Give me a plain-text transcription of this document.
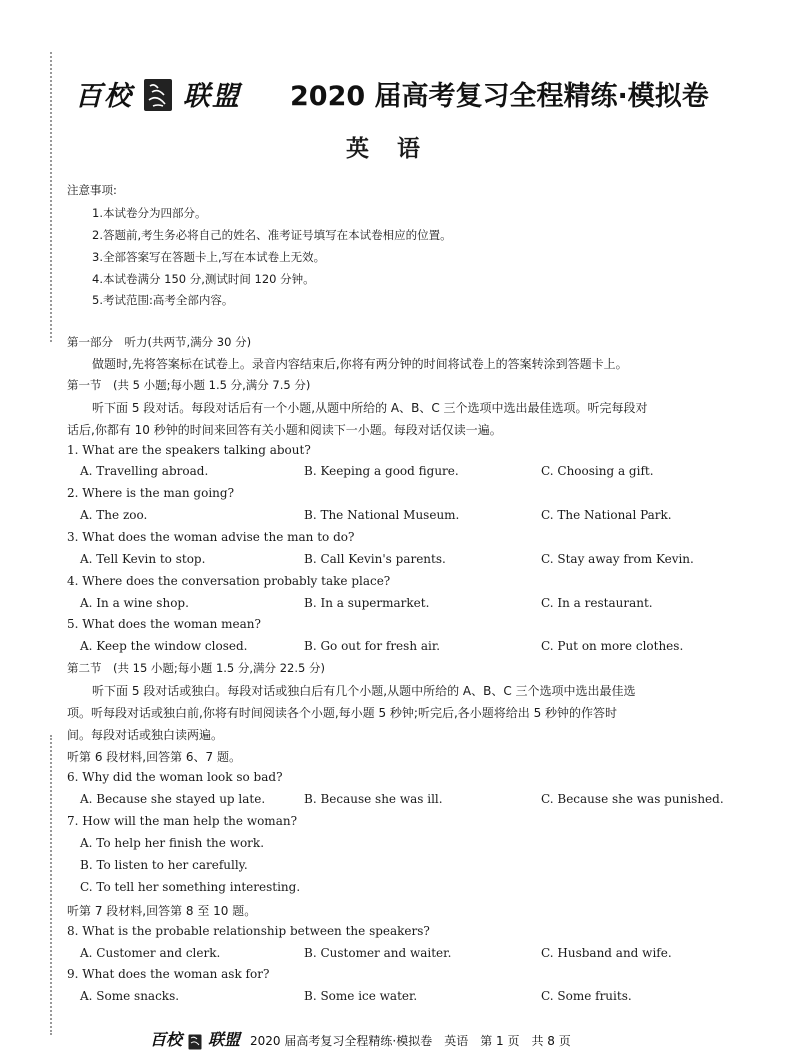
百校 联盟 2020 届高考复习全程精练·模拟卷
英语
注意事项:
1.本试卷分为四部分。
2.答题前,考生务必将自己的姓名、准考证号填写在本试卷相应的位置。
3.全部答案写在答题卡上,写在本试卷上无效。
4.本试卷满分 150 分,测试时间 120 分钟。
5.考试范围:高考全部内容。
第一部分　听力(共两节,满分 30 分)
做题时,先将答案标在试卷上。录音内容结束后,你将有两分钟的时间将试卷上的答案转涂到答题卡上。
第一节　(共 5 小题;每小题 1.5 分,满分 7.5 分)
听下面 5 段对话。每段对话后有一个小题,从题中所给的 A、B、C 三个选项中选出最佳选项。听完每段对
话后,你都有 10 秒钟的时间来回答有关小题和阅读下一小题。每段对话仅读一遍。
1. What are the speakers talking about?
A. Travelling abroad.	B. Keeping a good figure.	C. Choosing a gift.
2. Where is the man going?
A. The zoo.	B. The National Museum.	C. The National Park.
3. What does the woman advise the man to do?
A. Tell Kevin to stop.	B. Call Kevin's parents.	C. Stay away from Kevin.
4. Where does the conversation probably take place?
A. In a wine shop.	B. In a supermarket.	C. In a restaurant.
5. What does the woman mean?
A. Keep the window closed.	B. Go out for fresh air.	C. Put on more clothes.
第二节　(共 15 小题;每小题 1.5 分,满分 22.5 分)
听下面 5 段对话或独白。每段对话或独白后有几个小题,从题中所给的 A、B、C 三个选项中选出最佳选
项。听每段对话或独白前,你将有时间阅读各个小题,每小题 5 秒钟;听完后,各小题将给出 5 秒钟的作答时
间。每段对话或独白读两遍。
听第 6 段材料,回答第 6、7 题。
6. Why did the woman look so bad?
A. Because she stayed up late.	B. Because she was ill.	C. Because she was punished.
7. How will the man help the woman?
A. To help her finish the work.
B. To listen to her carefully.
C. To tell her something interesting.
听第 7 段材料,回答第 8 至 10 题。
8. What is the probable relationship between the speakers?
A. Customer and clerk.	B. Customer and waiter.	C. Husband and wife.
9. What does the woman ask for?
A. Some snacks.	B. Some ice water.	C. Some fruits.
百校 联盟 2020 届高考复习全程精练·模拟卷　英语　第 1 页　共 8 页
